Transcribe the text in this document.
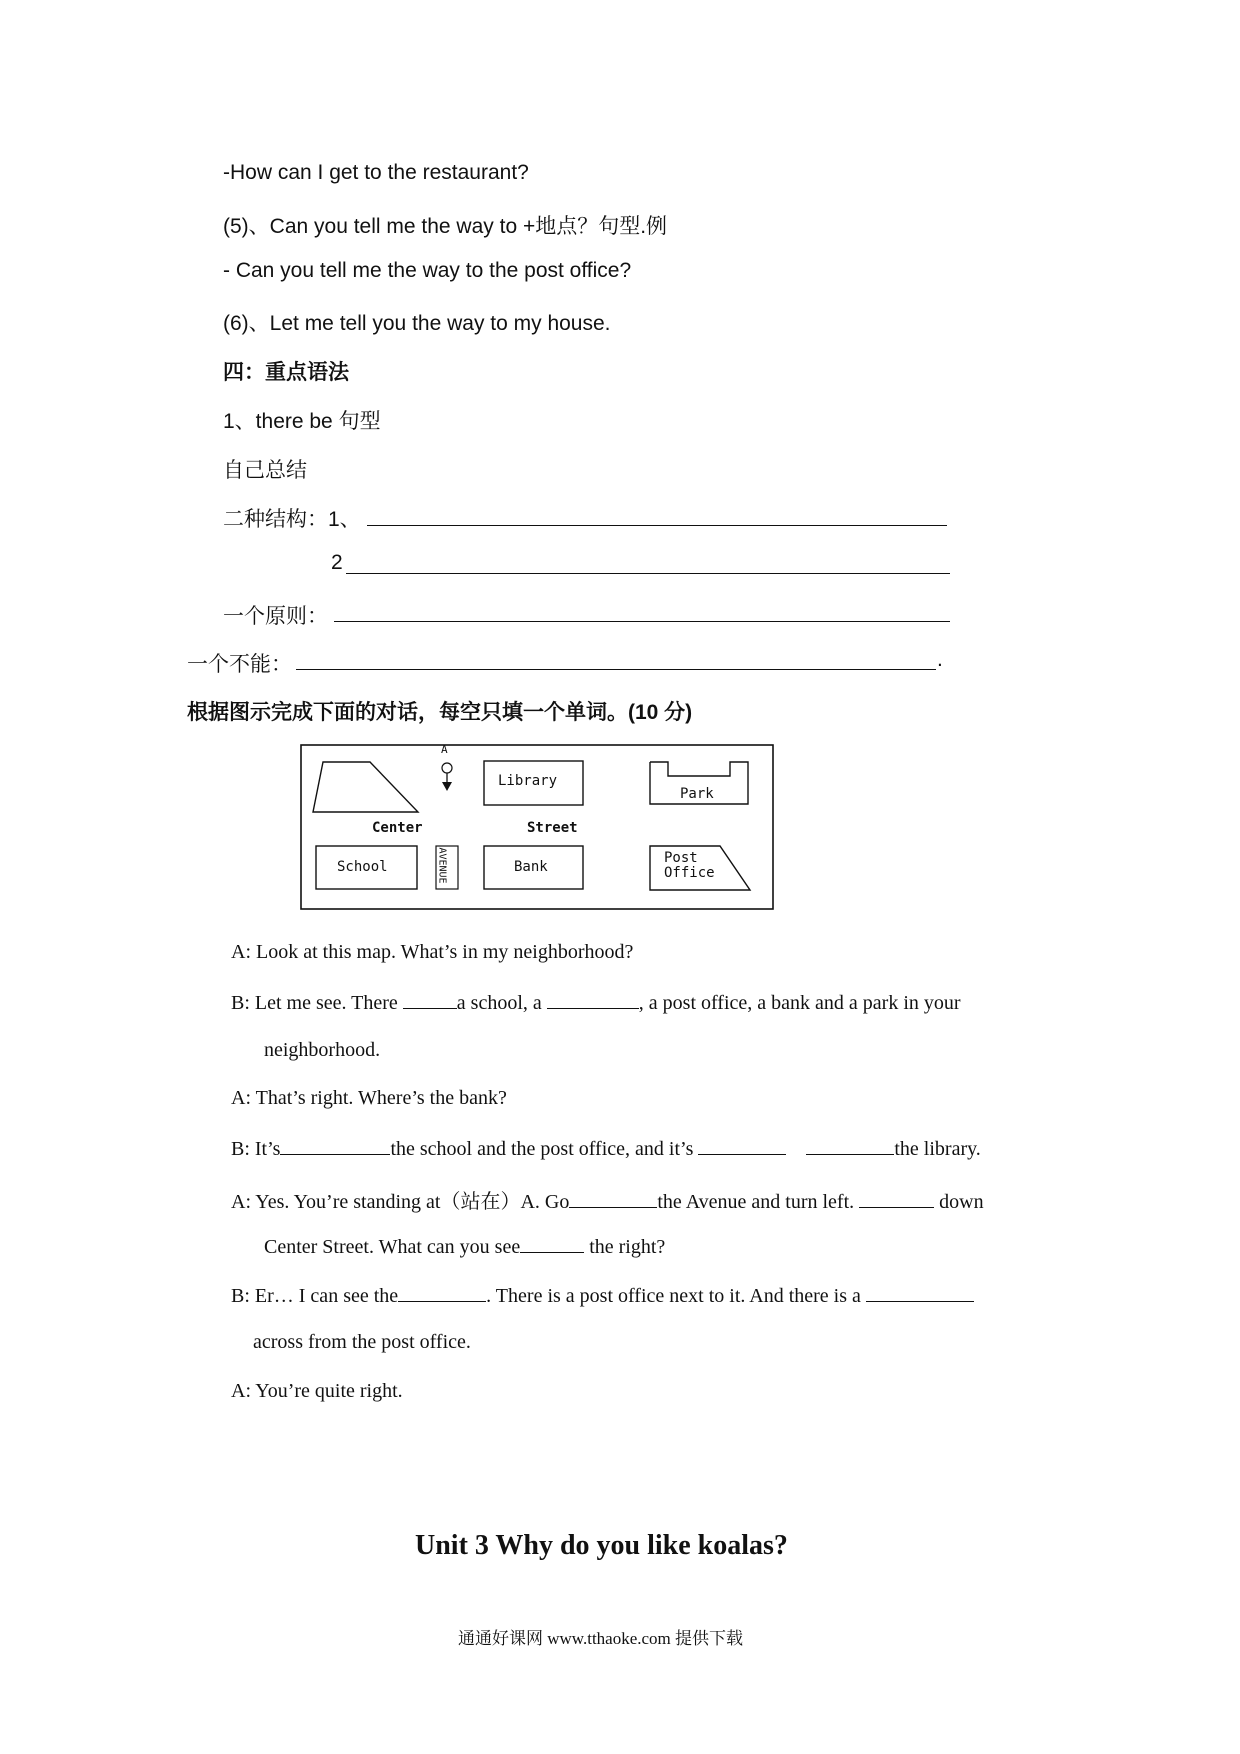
-How can I get to the restaurant?
(5)、Can you tell me the way to +地点？句型.例
- Can you tell me the way to the post office?
(6)、Let me tell you the way to my house.
四：重点语法
1、there be 句型
自己总结
二种结构：1、
2
一个原则：
一个不能：	.
根据图示完成下面的对话，每空只填一个单词。(10 分)
A
Library
Park
Center	Street
School	AVENUE	Bank
Post
Office
A: Look at this map. What’s in my neighborhood?
B: Let me see. There	a school, a	, a post office, a bank and a park in your
neighborhood.
A: That’s right. Where’s the bank?
B: It’s	the school and the post office, and it’s	the library.
A: Yes. You’re standing at（站在）A. Go	the Avenue and turn left.	down
Center Street. What can you see	the right?
B: Er… I can see the	. There is a post office next to it. And there is a
across from the post office.
A: You’re quite right.
Unit 3 Why do you like koalas?
通通好课网 www.tthaoke.com 提供下载
